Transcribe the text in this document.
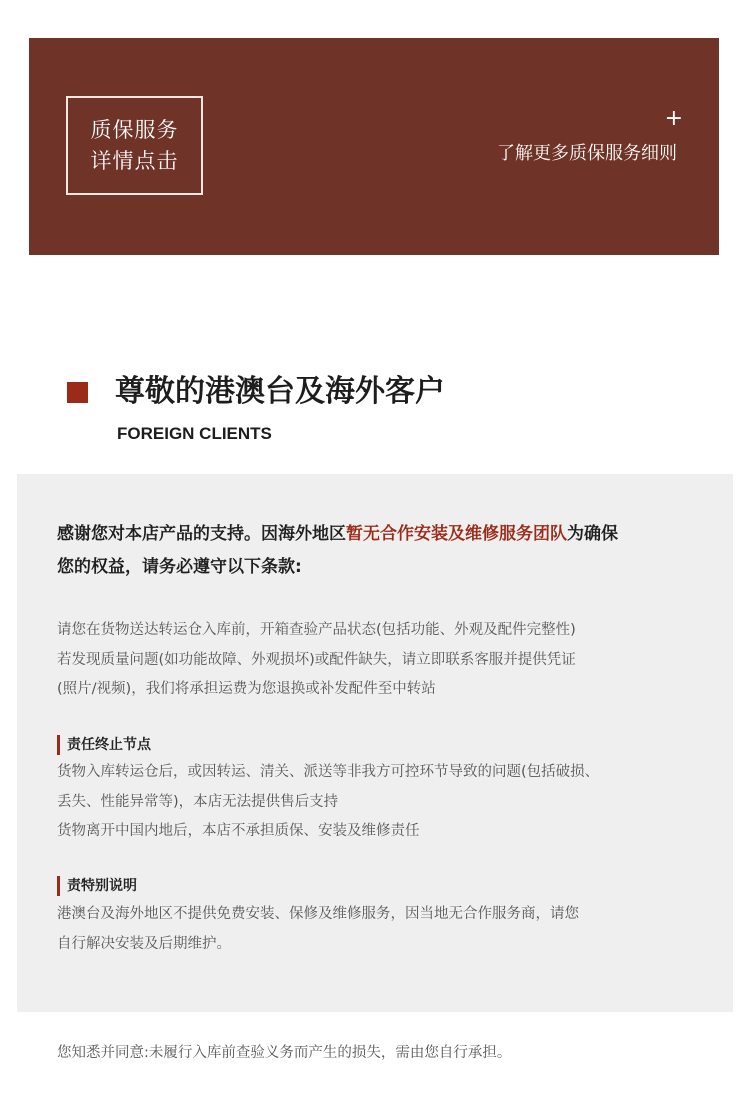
质保服务
详情点击
+
了解更多质保服务细则
尊敬的港澳台及海外客户
FOREIGN CLIENTS
感谢您对本店产品的支持。因海外地区暂无合作安装及维修服务团队为确保
您的权益，请务必遵守以下条款:
请您在货物送达转运仓入库前，开箱查验产品状态(包括功能、外观及配件完整性)
若发现质量问题(如功能故障、外观损坏)或配件缺失，请立即联系客服并提供凭证
(照片/视频)，我们将承担运费为您退换或补发配件至中转站
责任终止节点
货物入库转运仓后，或因转运、清关、派送等非我方可控环节导致的问题(包括破损、
丢失、性能异常等)，本店无法提供售后支持
货物离开中国内地后，本店不承担质保、安装及维修责任
责特别说明
港澳台及海外地区不提供免费安装、保修及维修服务，因当地无合作服务商，请您
自行解决安装及后期维护。
您知悉并同意:未履行入库前查验义务而产生的损失，需由您自行承担。
